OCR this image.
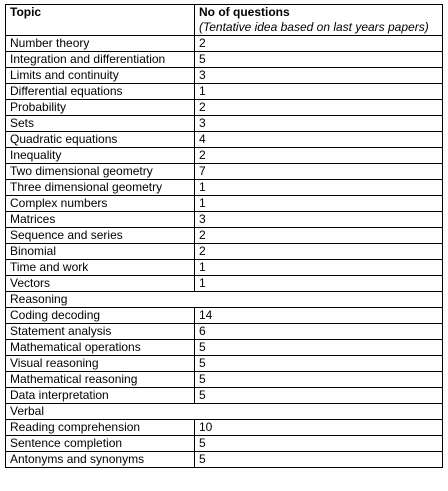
Topic	No of questions
(Tentative idea based on last years papers)

Number theory	2
Integration and differentiation	5
Limits and continuity	3
Differential equations	1
Probability	2
Sets	3
Quadratic equations	4
Inequality	2
Two dimensional geometry	7
Three dimensional geometry	1
Complex numbers	1
Matrices	3
Sequence and series	2
Binomial	2
Time and work	1
Vectors	1
Reasoning	
Coding decoding	14
Statement analysis	6
Mathematical operations	5
Visual reasoning	5
Mathematical reasoning	5
Data interpretation	5
Verbal	
Reading comprehension	10
Sentence completion	5
Antonyms and synonyms	5
